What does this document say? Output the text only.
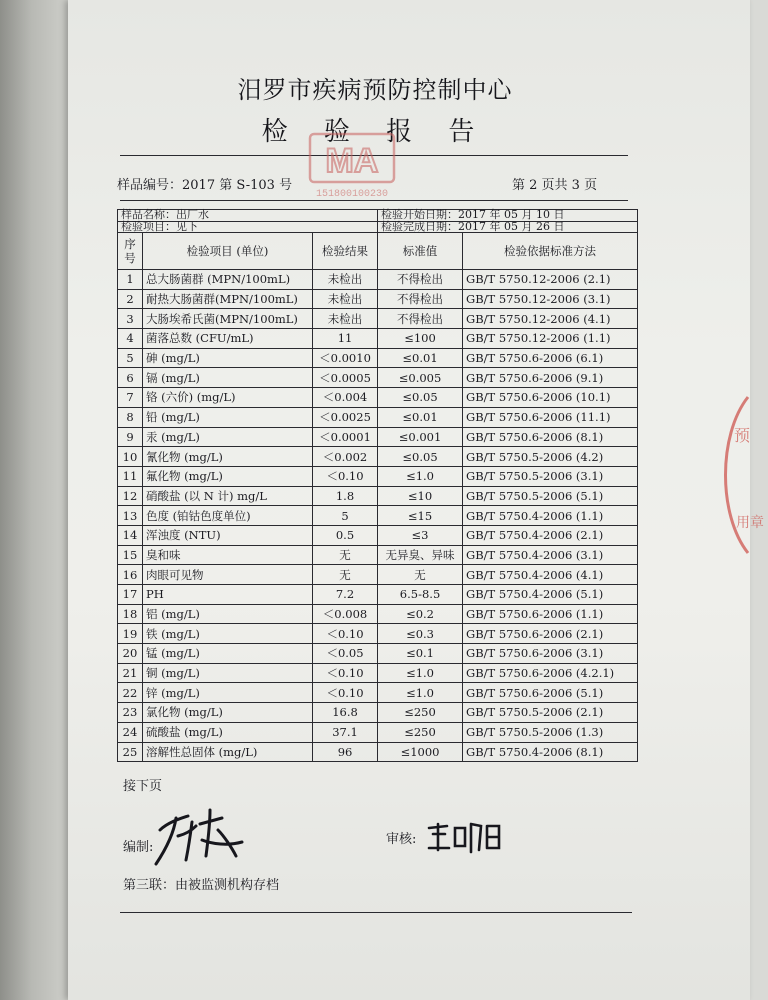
汨罗市疾病预防控制中心
检 验 报 告
MA
151800100230
样品编号：2017 第 S-103 号	第 2 页共 3 页
样品名称：出厂水			检验开始日期：2017 年 05 月 10 日	
检验项目：见下			检验完成日期：2017 年 05 月 26 日	
序号	检验项目 (单位)	检验结果	标准值	检验依据标准方法
1	总大肠菌群 (MPN/100mL)	未检出	不得检出	GB/T 5750.12-2006 (2.1)
2	耐热大肠菌群(MPN/100mL)	未检出	不得检出	GB/T 5750.12-2006 (3.1)
3	大肠埃希氏菌(MPN/100mL)	未检出	不得检出	GB/T 5750.12-2006 (4.1)
4	菌落总数 (CFU/mL)	11	≤100	GB/T 5750.12-2006 (1.1)
5	砷 (mg/L)	＜0.0010	≤0.01	GB/T 5750.6-2006 (6.1)
6	镉 (mg/L)	＜0.0005	≤0.005	GB/T 5750.6-2006 (9.1)
7	铬 (六价) (mg/L)	＜0.004	≤0.05	GB/T 5750.6-2006 (10.1)
8	铅 (mg/L)	＜0.0025	≤0.01	GB/T 5750.6-2006 (11.1)
9	汞 (mg/L)	＜0.0001	≤0.001	GB/T 5750.6-2006 (8.1)
10	氰化物 (mg/L)	＜0.002	≤0.05	GB/T 5750.5-2006 (4.2)
11	氟化物 (mg/L)	＜0.10	≤1.0	GB/T 5750.5-2006 (3.1)
12	硝酸盐 (以 N 计) mg/L	1.8	≤10	GB/T 5750.5-2006 (5.1)
13	色度 (铂钴色度单位)	5	≤15	GB/T 5750.4-2006 (1.1)
14	浑浊度 (NTU)	0.5	≤3	GB/T 5750.4-2006 (2.1)
15	臭和味	无	无异臭、异味	GB/T 5750.4-2006 (3.1)
16	肉眼可见物	无	无	GB/T 5750.4-2006 (4.1)
17	PH	7.2	6.5-8.5	GB/T 5750.4-2006 (5.1)
18	铝 (mg/L)	＜0.008	≤0.2	GB/T 5750.6-2006 (1.1)
19	铁 (mg/L)	＜0.10	≤0.3	GB/T 5750.6-2006 (2.1)
20	锰 (mg/L)	＜0.05	≤0.1	GB/T 5750.6-2006 (3.1)
21	铜 (mg/L)	＜0.10	≤1.0	GB/T 5750.6-2006 (4.2.1)
22	锌 (mg/L)	＜0.10	≤1.0	GB/T 5750.6-2006 (5.1)
23	氯化物 (mg/L)	16.8	≤250	GB/T 5750.5-2006 (2.1)
24	硫酸盐 (mg/L)	37.1	≤250	GB/T 5750.5-2006 (1.3)
25	溶解性总固体 (mg/L)	96	≤1000	GB/T 5750.4-2006 (8.1)
接下页
编制:
审核:
第三联：由被监测机构存档
预
用章
